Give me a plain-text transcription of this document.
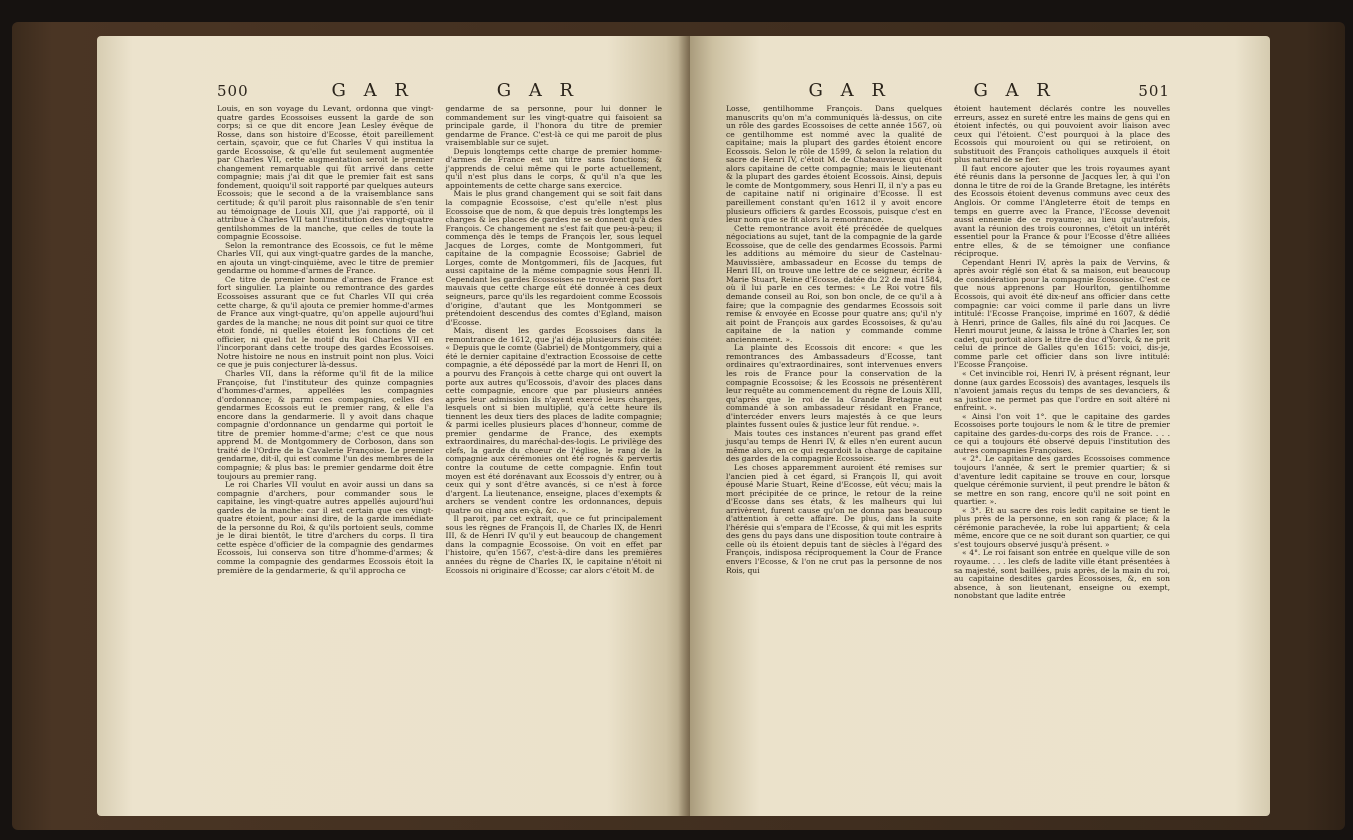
500	G A R	G A R

Louis, en son voyage du Levant, ordonna que vingt-quatre gardes Ecossoises eussent la garde de son corps; si ce que dit encore Jean Lesley évêque de Rosse, dans son histoire d'Ecosse, étoit pareillement certain, sçavoir, que ce fut Charles V qui institua la garde Ecossoise, & qu'elle fut seulement augmentée par Charles VII, cette augmentation seroit le premier changement remarquable qui fût arrivé dans cette compagnie; mais j'ai dit que le premier fait est sans fondement, quoiqu'il soit rapporté par quelques auteurs Ecossois; que le second a de la vraisemblance sans certitude; & qu'il paroit plus raisonnable de s'en tenir au témoignage de Louis XII, que j'ai rapporté, où il attribue à Charles VII tant l'institution des vingt-quatre gentilshommes de la manche, que celles de toute la compagnie Ecossoise.

Selon la remontrance des Ecossois, ce fut le même Charles VII, qui aux vingt-quatre gardes de la manche, en ajouta un vingt-cinquième, avec le titre de premier gendarme ou homme-d'armes de France.

Ce titre de premier homme d'armes de France est fort singulier. La plainte ou remontrance des gardes Ecossoises assurant que ce fut Charles VII qui créa cette charge, & qu'il ajouta ce premier homme-d'armes de France aux vingt-quatre, qu'on appelle aujourd'hui gardes de la manche; ne nous dit point sur quoi ce titre étoit fondé, ni quelles étoient les fonctions de cet officier, ni quel fut le motif du Roi Charles VII en l'incorporant dans cette troupe des gardes Ecossoises. Notre histoire ne nous en instruit point non plus. Voici ce que je puis conjecturer là-dessus.

Charles VII, dans la réforme qu'il fit de la milice Françoise, fut l'instituteur des quinze compagnies d'hommes-d'armes, appellées les compagnies d'ordonnance; & parmi ces compagnies, celles des gendarmes Ecossois eut le premier rang, & elle l'a encore dans la gendarmerie. Il y avoit dans chaque compagnie d'ordonnance un gendarme qui portoit le titre de premier homme-d'arme; c'est ce que nous apprend M. de Montgommery de Corboson, dans son traité de l'Ordre de la Cavalerie Françoise. Le premier gendarme, dit-il, qui est comme l'un des membres de la compagnie; & plus bas: le premier gendarme doit être toujours au premier rang.

Le roi Charles VII voulut en avoir aussi un dans sa compagnie d'archers, pour commander sous le capitaine, les vingt-quatre autres appellés aujourd'hui gardes de la manche: car il est certain que ces vingt-quatre étoient, pour ainsi dire, de la garde immédiate de la personne du Roi, & qu'ils portoient seuls, comme je le dirai bientôt, le titre d'archers du corps. Il tira cette espèce d'officier de la compagnie des gendarmes Ecossois, lui conserva son titre d'homme-d'armes; & comme la compagnie des gendarmes Ecossois étoit la première de la gendarmerie, & qu'il approcha ce

gendarme de sa personne, pour lui donner le commandement sur les vingt-quatre qui faisoient sa principale garde, il l'honora du titre de premier gendarme de France. C'est-là ce qui me paroit de plus vraisemblable sur ce sujet.

Depuis longtemps cette charge de premier homme-d'armes de France est un titre sans fonctions; & j'apprends de celui même qui le porte actuellement, qu'il n'est plus dans le corps, & qu'il n'a que les appointements de cette charge sans exercice.

Mais le plus grand changement qui se soit fait dans la compagnie Ecossoise, c'est qu'elle n'est plus Ecossoise que de nom, & que depuis très longtemps les charges & les places de gardes ne se donnent qu'à des François. Ce changement ne s'est fait que peu-à-peu; il commença dès le temps de François Ier, sous lequel Jacques de Lorges, comte de Montgommeri, fut capitaine de la compagnie Ecossoise; Gabriel de Lorges, comte de Montgommeri, fils de Jacques, fut aussi capitaine de la même compagnie sous Henri II. Cependant les gardes Ecossoises ne trouvèrent pas fort mauvais que cette charge eût été donnée à ces deux seigneurs, parce qu'ils les regardoient comme Ecossois d'origine, d'autant que les Montgommeri se prétendoient descendus des comtes d'Egland, maison d'Ecosse.

Mais, disent les gardes Ecossoises dans la remontrance de 1612, que j'ai déja plusieurs fois citée: « Depuis que le comte (Gabriel) de Montgommery, qui a été le dernier capitaine d'extraction Ecossoise de cette compagnie, a été dépossédé par la mort de Henri II, on a pourvu des François à cette charge qui ont ouvert la porte aux autres qu'Ecossois, d'avoir des places dans cette compagnie, encore que par plusieurs années après leur admission ils n'ayent exercé leurs charges, lesquels ont si bien multiplié, qu'à cette heure ils tiennent les deux tiers des places de ladite compagnie; & parmi icelles plusieurs places d'honneur, comme de premier gendarme de France, des exempts extraordinaires, du maréchal-des-logis. Le privilège des clefs, la garde du choeur de l'église, le rang de la compagnie aux cérémonies ont été rognés & pervertis contre la coutume de cette compagnie. Enfin tout moyen est été dorénavant aux Ecossois d'y entrer, ou à ceux qui y sont d'être avancés, si ce n'est à force d'argent. La lieutenance, enseigne, places d'exempts & archers se vendent contre les ordonnances, depuis quatre ou cinq ans en-çà, &c. ».

Il paroit, par cet extrait, que ce fut principalement sous les règnes de François II, de Charles IX, de Henri III, & de Henri IV qu'il y eut beaucoup de changement dans la compagnie Ecossoise. On voit en effet par l'histoire, qu'en 1567, c'est-à-dire dans les premières années du règne de Charles IX, le capitaine n'étoit ni Ecossois ni originaire d'Ecosse; car alors c'étoit M. de

G A R	G A R	501

Losse, gentilhomme François. Dans quelques manuscrits qu'on m'a communiqués là-dessus, on cite un rôle des gardes Ecossoises de cette année 1567, où ce gentilhomme est nommé avec la qualité de capitaine; mais la plupart des gardes étoient encore Ecossois. Selon le rôle de 1599, & selon la relation du sacre de Henri IV, c'étoit M. de Chateauvieux qui étoit alors capitaine de cette compagnie; mais le lieutenant & la plupart des gardes étoient Ecossois. Ainsi, depuis le comte de Montgommery, sous Henri II, il n'y a pas eu de capitaine natif ni originaire d'Ecosse. Il est pareillement constant qu'en 1612 il y avoit encore plusieurs officiers & gardes Ecossois, puisque c'est en leur nom que se fit alors la remontrance.

Cette remontrance avoit été précédée de quelques négociations au sujet, tant de la compagnie de la garde Ecossoise, que de celle des gendarmes Ecossois. Parmi les additions au mémoire du sieur de Castelnau-Mauvissière, ambassadeur en Ecosse du temps de Henri III, on trouve une lettre de ce seigneur, écrite à Marie Stuart, Reine d'Ecosse, datée du 22 de mai 1584, où il lui parle en ces termes: « Le Roi votre fils demande conseil au Roi, son bon oncle, de ce qu'il a à faire; que la compagnie des gendarmes Ecossois soit remise & envoyée en Ecosse pour quatre ans; qu'il n'y ait point de François aux gardes Ecossoises, & qu'au capitaine de la nation y commande comme anciennement. ».

La plainte des Ecossois dit encore: « que les remontrances des Ambassadeurs d'Ecosse, tant ordinaires qu'extraordinaires, sont intervenues envers les rois de France pour la conservation de la compagnie Ecossoise; & les Ecossois ne présentèrent leur requête au commencement du règne de Louis XIII, qu'après que le roi de la Grande Bretagne eut commandé à son ambassadeur résidant en France, d'intercéder envers leurs majestés à ce que leurs plaintes fussent ouïes & justice leur fût rendue. ».

Mais toutes ces instances n'eurent pas grand effet jusqu'au temps de Henri IV, & elles n'en eurent aucun même alors, en ce qui regardoit la charge de capitaine des gardes de la compagnie Ecossoise.

Les choses apparemment auroient été remises sur l'ancien pied à cet égard, si François II, qui avoit épousé Marie Stuart, Reine d'Ecosse, eût vécu; mais la mort précipitée de ce prince, le retour de la reine d'Ecosse dans ses états, & les malheurs qui lui arrivèrent, furent cause qu'on ne donna pas beaucoup d'attention à cette affaire. De plus, dans la suite l'hérésie qui s'empara de l'Ecosse, & qui mit les esprits des gens du pays dans une disposition toute contraire à celle où ils étoient depuis tant de siècles à l'égard des François, indisposa réciproquement la Cour de France envers l'Ecosse, & l'on ne crut pas la personne de nos Rois, qui

étoient hautement déclarés contre les nouvelles erreurs, assez en sureté entre les mains de gens qui en étoient infectés, ou qui pouvoient avoir liaison avec ceux qui l'étoient. C'est pourquoi à la place des Ecossois qui mouroient ou qui se retiroient, on substituoit des François catholiques auxquels il étoit plus naturel de se fier.

Il faut encore ajouter que les trois royaumes ayant été réunis dans la personne de Jacques Ier, à qui l'on donna le titre de roi de la Grande Bretagne, les intérêts des Ecossois étoient devenus communs avec ceux des Anglois. Or comme l'Angleterre étoit de temps en temps en guerre avec la France, l'Ecosse devenoit aussi ennemie de ce royaume; au lieu qu'autrefois, avant la réunion des trois couronnes, c'étoit un intérêt essentiel pour la France & pour l'Ecosse d'être alliées entre elles, & de se témoigner une confiance réciproque.

Cependant Henri IV, après la paix de Vervins, & après avoir réglé son état & sa maison, eut beaucoup de considération pour la compagnie Ecossoise. C'est ce que nous apprenons par Hourlton, gentilhomme Ecossois, qui avoit été dix-neuf ans officier dans cette compagnie: car voici comme il parle dans un livre intitulé: l'Ecosse Françoise, imprimé en 1607, & dédié à Henri, prince de Galles, fils aîné du roi Jacques. Ce Henri mourut jeune, & laissa le trône à Charles Ier, son cadet, qui portoit alors le titre de duc d'Yorck, & ne prit celui de prince de Galles qu'en 1615: voici, dis-je, comme parle cet officier dans son livre intitulé: l'Ecosse Françoise.

« Cet invincible roi, Henri IV, à présent régnant, leur donne (aux gardes Ecossois) des avantages, lesquels ils n'avoient jamais reçus du temps de ses devanciers, & sa justice ne permet pas que l'ordre en soit altéré ni enfreint. ».

« Ainsi l'on voit 1°. que le capitaine des gardes Ecossoises porte toujours le nom & le titre de premier capitaine des gardes-du-corps des rois de France. . . . ce qui a toujours été observé depuis l'institution des autres compagnies Françoises.

« 2°. Le capitaine des gardes Ecossoises commence toujours l'année, & sert le premier quartier; & si d'aventure ledit capitaine se trouve en cour, lorsque quelque cérémonie survient, il peut prendre le bâton & se mettre en son rang, encore qu'il ne soit point en quartier. ».

« 3°. Et au sacre des rois ledit capitaine se tient le plus près de la personne, en son rang & place; & la cérémonie parachevée, la robe lui appartient; & cela même, encore que ce ne soit durant son quartier, ce qui s'est toujours observé jusqu'à présent. »

« 4°. Le roi faisant son entrée en quelque ville de son royaume. . . . les clefs de ladite ville étant présentées à sa majesté, sont baillées, puis après, de la main du roi, au capitaine desdites gardes Ecossoises, &, en son absence, à son lieutenant, enseigne ou exempt, nonobstant que ladite entrée
